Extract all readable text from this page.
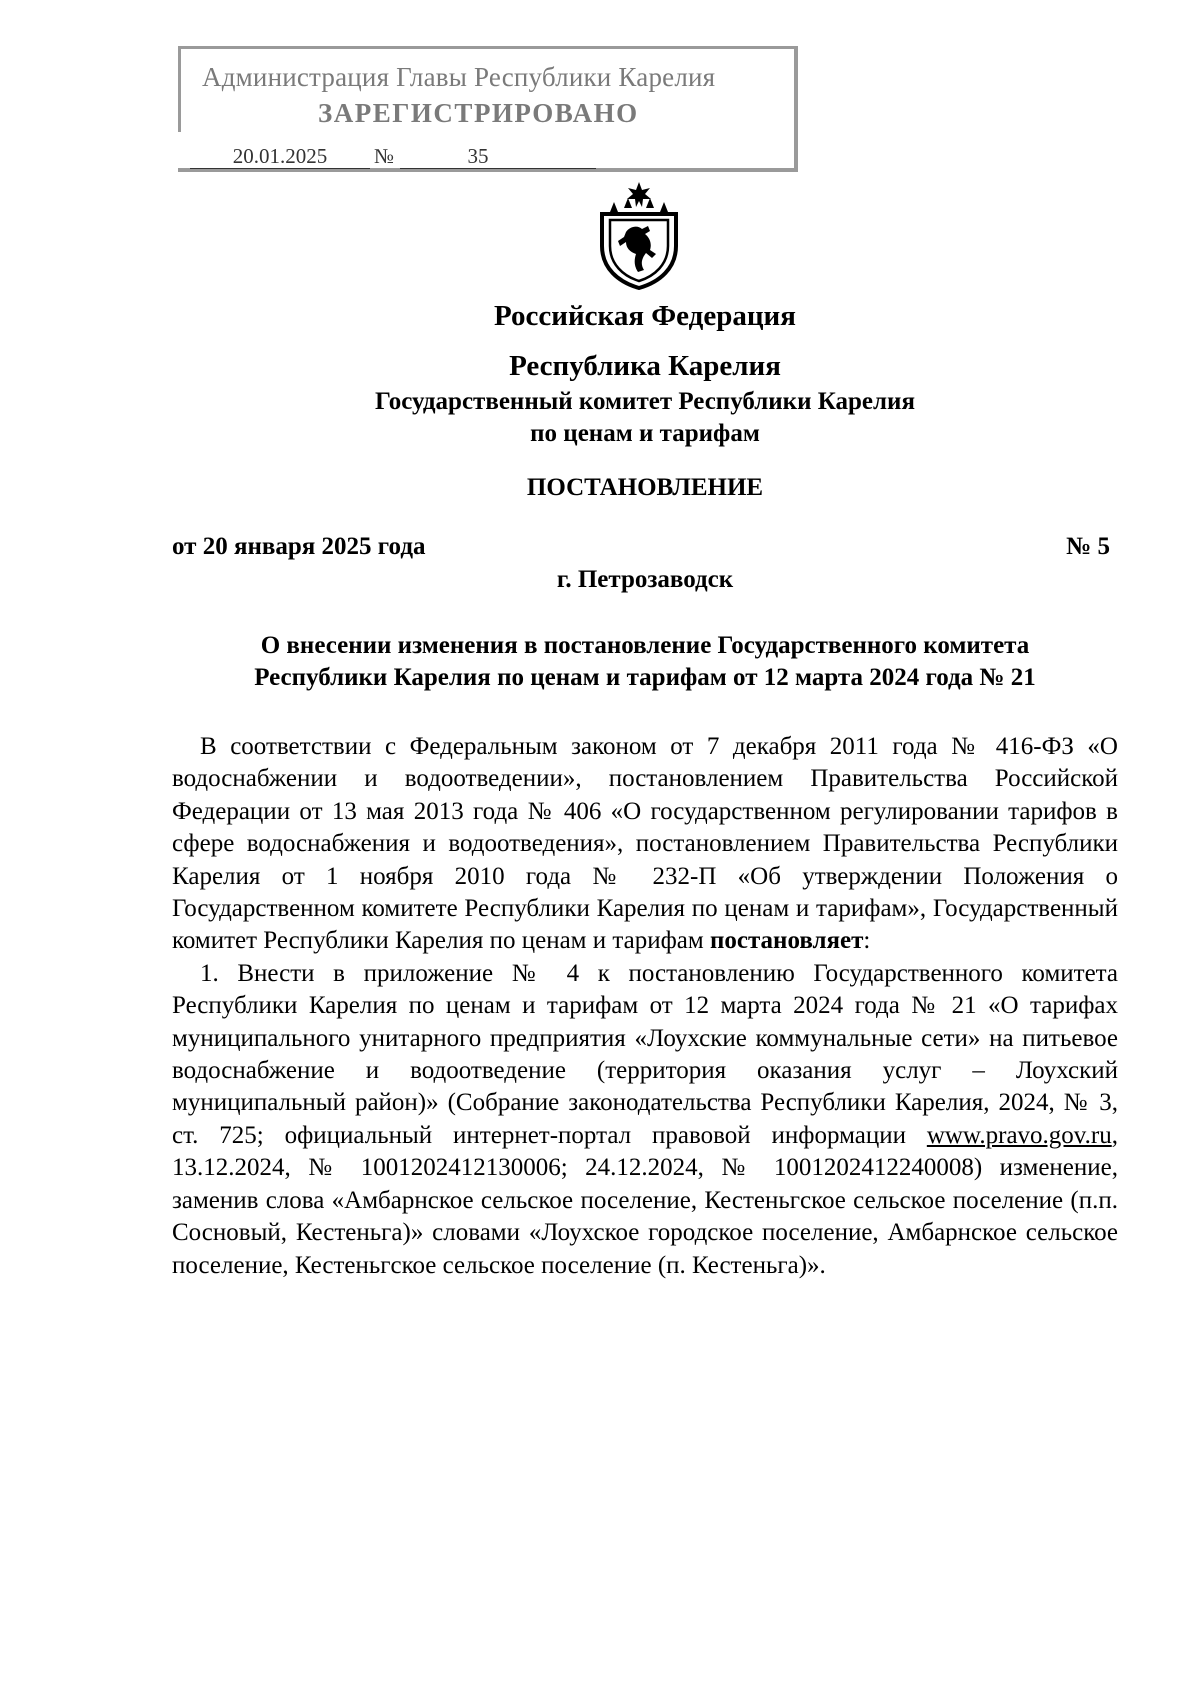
Администрация Главы Республики Карелия
ЗАРЕГИСТРИРОВАНО
20.01.2025	№	35
Российская Федерация
Республика Карелия
Государственный комитет Республики Карелия
по ценам и тарифам
ПОСТАНОВЛЕНИЕ
от 20 января 2025 года	№ 5
г. Петрозаводск
О внесении изменения в постановление Государственного комитета
Республики Карелия по ценам и тарифам от 12 марта 2024 года № 21

В соответствии с Федеральным законом от 7 декабря 2011 года № 416-ФЗ «О водоснабжении и водоотведении», постановлением Правительства Российской Федерации от 13 мая 2013 года № 406 «О государственном регулировании тарифов в сфере водоснабжения и водоотведения», постановлением Правительства Республики Карелия от 1 ноября 2010 года № 232-П «Об утверждении Положения о Государственном комитете Республики Карелия по ценам и тарифам», Государственный комитет Республики Карелия по ценам и тарифам постановляет:

1. Внести в приложение № 4 к постановлению Государственного комитета Республики Карелия по ценам и тарифам от 12 марта 2024 года № 21 «О тарифах муниципального унитарного предприятия «Лоухские коммунальные сети» на питьевое водоснабжение и водоотведение (территория оказания услуг – Лоухский муниципальный район)» (Собрание законодательства Республики Карелия, 2024, № 3, ст. 725; официальный интернет-портал правовой информации www.pravo.gov.ru, 13.12.2024, № 1001202412130006; 24.12.2024, № 1001202412240008) изменение, заменив слова «Амбарнское сельское поселение, Кестеньгское сельское поселение (п.п. Сосновый, Кестеньга)» словами «Лоухское городское поселение, Амбарнское сельское поселение, Кестеньгское сельское поселение (п. Кестеньга)».
